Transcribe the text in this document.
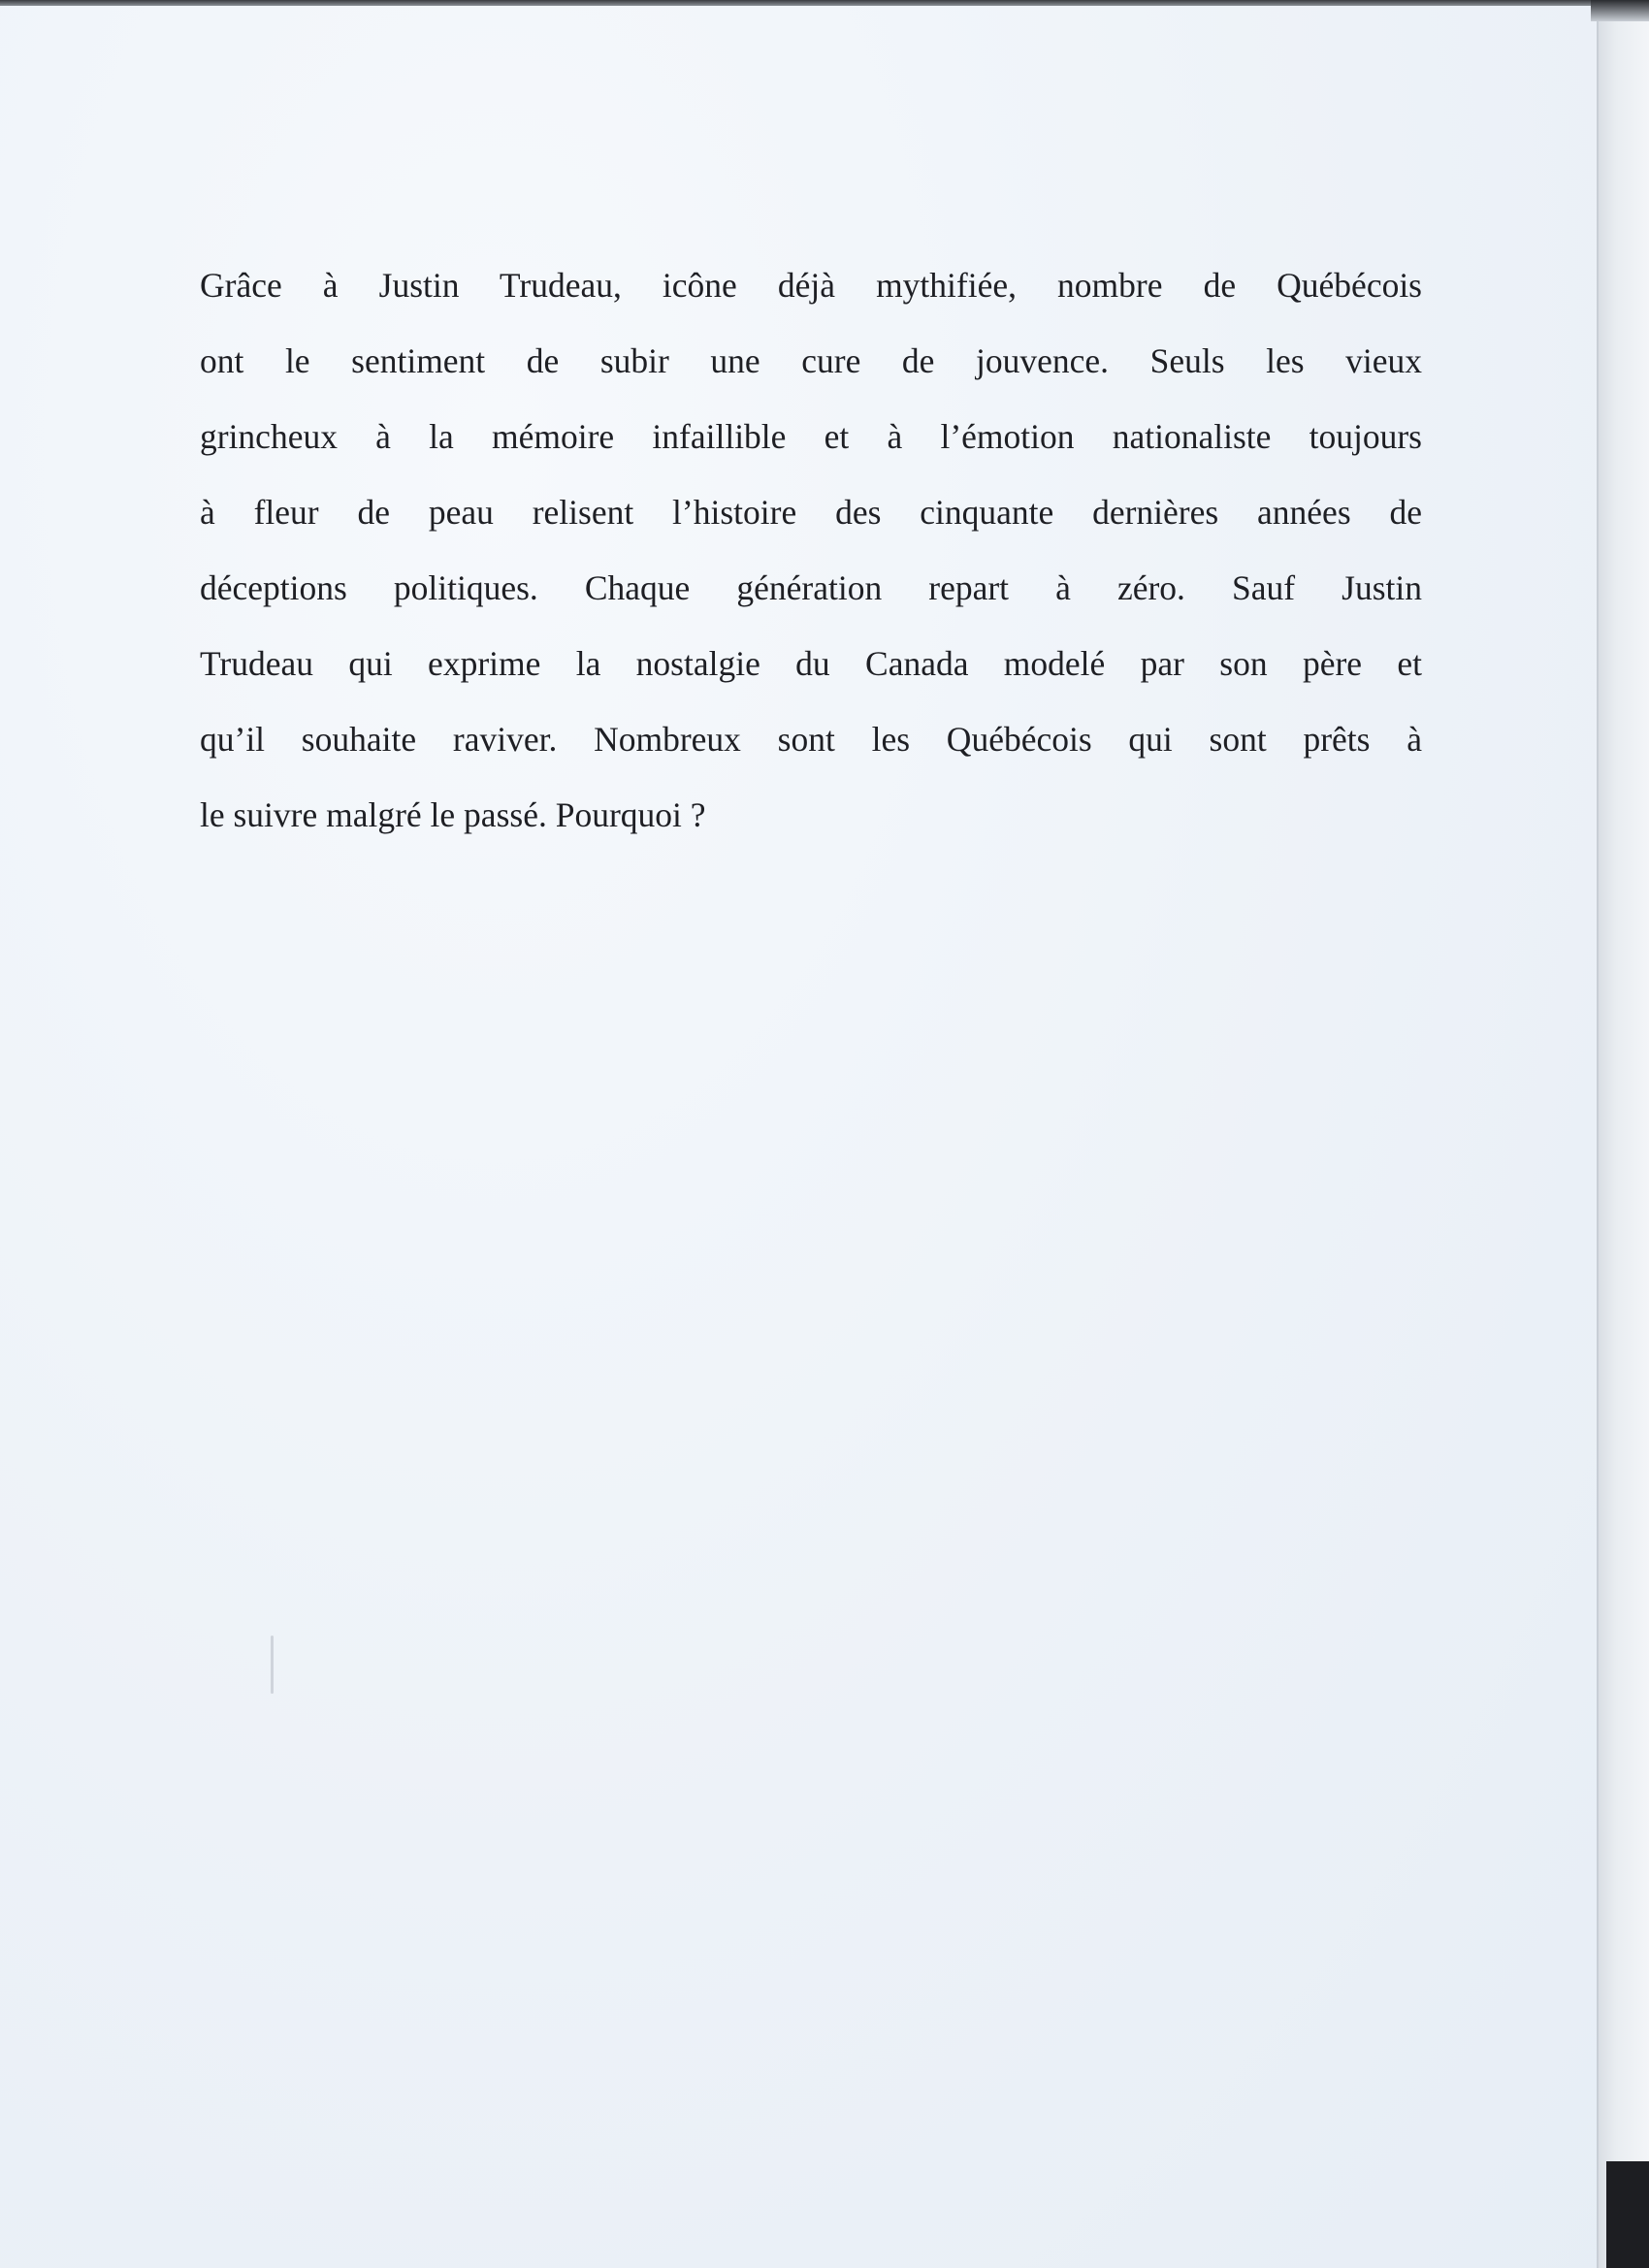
Grâce à Justin Trudeau, icône déjà mythifiée, nombre de Québécois
ont le sentiment de subir une cure de jouvence. Seuls les vieux
grincheux à la mémoire infaillible et à l’émotion nationaliste toujours
à fleur de peau relisent l’histoire des cinquante dernières années de
déceptions politiques. Chaque génération repart à zéro. Sauf Justin
Trudeau qui exprime la nostalgie du Canada modelé par son père et
qu’il souhaite raviver. Nombreux sont les Québécois qui sont prêts à
le suivre malgré le passé. Pourquoi ?
